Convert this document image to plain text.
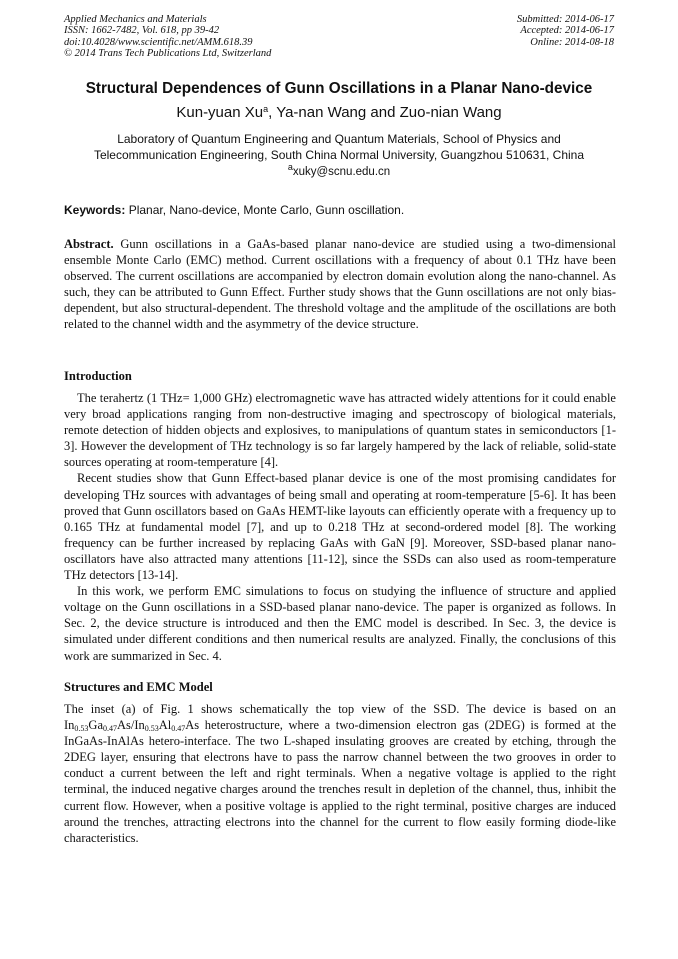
Applied Mechanics and Materials
ISSN: 1662-7482, Vol. 618, pp 39-42
doi:10.4028/www.scientific.net/AMM.618.39
© 2014 Trans Tech Publications Ltd, Switzerland
Submitted: 2014-06-17
Accepted: 2014-06-17
Online: 2014-08-18
Structural Dependences of Gunn Oscillations in a Planar Nano-device
Kun-yuan Xu$^a$, Ya-nan Wang and Zuo-nian Wang
Laboratory of Quantum Engineering and Quantum Materials, School of Physics and
Telecommunication Engineering, South China Normal University, Guangzhou 510631, China
$^a$xuky@scnu.edu.cn
Keywords: Planar, Nano-device, Monte Carlo, Gunn oscillation.

Abstract. Gunn oscillations in a GaAs-based planar nano-device are studied using a two-dimensional ensemble Monte Carlo (EMC) method. Current oscillations with a frequency of about 0.1 THz have been observed. The current oscillations are accompanied by electron domain evolution along the nano-channel. As such, they can be attributed to Gunn Effect. Further study shows that the Gunn oscillations are not only bias-dependent, but also structural-dependent. The threshold voltage and the amplitude of the oscillations are both related to the channel width and the asymmetry of the device structure.

Introduction

The terahertz (1 THz= 1,000 GHz) electromagnetic wave has attracted widely attentions for it could enable very broad applications ranging from non-destructive imaging and spectroscopy of biological materials, remote detection of hidden objects and explosives, to manipulations of quantum states in semiconductors [1-3]. However the development of THz technology is so far largely hampered by the lack of reliable, solid-state sources operating at room-temperature [4].

Recent studies show that Gunn Effect-based planar device is one of the most promising candidates for developing THz sources with advantages of being small and operating at room-temperature [5-6]. It has been proved that Gunn oscillators based on GaAs HEMT-like layouts can efficiently operate with a frequency up to 0.165 THz at fundamental model [7], and up to 0.218 THz at second-ordered model [8]. The working frequency can be further increased by replacing GaAs with GaN [9]. Moreover, SSD-based planar nano-oscillators have also attracted many attentions [11-12], since the SSDs can also used as room-temperature THz detectors [13-14].

In this work, we perform EMC simulations to focus on studying the influence of structure and applied voltage on the Gunn oscillations in a SSD-based planar nano-device. The paper is organized as follows. In Sec. 2, the device structure is introduced and then the EMC model is described. In Sec. 3, the device is simulated under different conditions and then numerical results are analyzed. Finally, the conclusions of this work are summarized in Sec. 4.

Structures and EMC Model

The inset (a) of Fig. 1 shows schematically the top view of the SSD. The device is based on an $In_{0.53}Ga_{0.47}As/In_{0.53}Al_{0.47}As$ heterostructure, where a two-dimension electron gas (2DEG) is formed at the InGaAs-InAlAs hetero-interface. The two L-shaped insulating grooves are created by etching, through the 2DEG layer, ensuring that electrons have to pass the narrow channel between the two grooves in order to conduct a current between the left and right terminals. When a negative voltage is applied to the right terminal, the induced negative charges around the trenches result in depletion of the channel, thus, inhibit the current flow. However, when a positive voltage is applied to the right terminal, positive charges are induced around the trenches, attracting electrons into the channel for the current to flow easily forming diode-like characteristics.
